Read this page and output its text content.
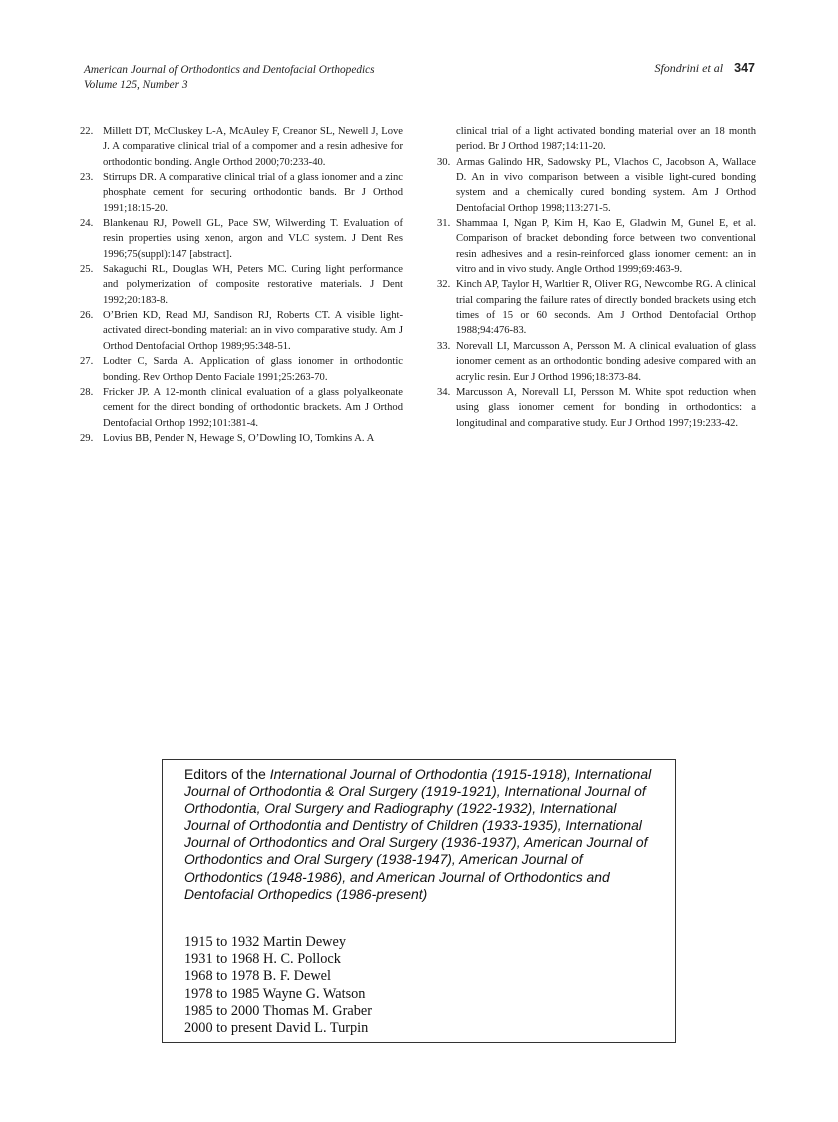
American Journal of Orthodontics and Dentofacial Orthopedics
Volume 125, Number 3
Sfondrini et al 347
22. Millett DT, McCluskey L-A, McAuley F, Creanor SL, Newell J, Love J. A comparative clinical trial of a compomer and a resin adhesive for orthodontic bonding. Angle Orthod 2000;70:233-40.
23. Stirrups DR. A comparative clinical trial of a glass ionomer and a zinc phosphate cement for securing orthodontic bands. Br J Orthod 1991;18:15-20.
24. Blankenau RJ, Powell GL, Pace SW, Wilwerding T. Evaluation of resin properties using xenon, argon and VLC system. J Dent Res 1996;75(suppl):147 [abstract].
25. Sakaguchi RL, Douglas WH, Peters MC. Curing light performance and polymerization of composite restorative materials. J Dent 1992;20:183-8.
26. O’Brien KD, Read MJ, Sandison RJ, Roberts CT. A visible light-activated direct-bonding material: an in vivo comparative study. Am J Orthod Dentofacial Orthop 1989;95:348-51.
27. Lodter C, Sarda A. Application of glass ionomer in orthodontic bonding. Rev Orthop Dento Faciale 1991;25:263-70.
28. Fricker JP. A 12-month clinical evaluation of a glass polyalkeonate cement for the direct bonding of orthodontic brackets. Am J Orthod Dentofacial Orthop 1992;101:381-4.
29. Lovius BB, Pender N, Hewage S, O’Dowling IO, Tomkins A. A
clinical trial of a light activated bonding material over an 18 month period. Br J Orthod 1987;14:11-20.
30. Armas Galindo HR, Sadowsky PL, Vlachos C, Jacobson A, Wallace D. An in vivo comparison between a visible light-cured bonding system and a chemically cured bonding system. Am J Orthod Dentofacial Orthop 1998;113:271-5.
31. Shammaa I, Ngan P, Kim H, Kao E, Gladwin M, Gunel E, et al. Comparison of bracket debonding force between two conventional resin adhesives and a resin-reinforced glass ionomer cement: an in vitro and in vivo study. Angle Orthod 1999;69:463-9.
32. Kinch AP, Taylor H, Warltier R, Oliver RG, Newcombe RG. A clinical trial comparing the failure rates of directly bonded brackets using etch times of 15 or 60 seconds. Am J Orthod Dentofacial Orthop 1988;94:476-83.
33. Norevall LI, Marcusson A, Persson M. A clinical evaluation of glass ionomer cement as an orthodontic bonding adesive compared with an acrylic resin. Eur J Orthod 1996;18:373-84.
34. Marcusson A, Norevall LI, Persson M. White spot reduction when using glass ionomer cement for bonding in orthodontics: a longitudinal and comparative study. Eur J Orthod 1997;19:233-42.
Editors of the International Journal of Orthodontia (1915-1918), International Journal of Orthodontia & Oral Surgery (1919-1921), International Journal of Orthodontia, Oral Surgery and Radiography (1922-1932), International Journal of Orthodontia and Dentistry of Children (1933-1935), International Journal of Orthodontics and Oral Surgery (1936-1937), American Journal of Orthodontics and Oral Surgery (1938-1947), American Journal of Orthodontics (1948-1986), and American Journal of Orthodontics and Dentofacial Orthopedics (1986-present)
1915 to 1932 Martin Dewey
1931 to 1968 H. C. Pollock
1968 to 1978 B. F. Dewel
1978 to 1985 Wayne G. Watson
1985 to 2000 Thomas M. Graber
2000 to present David L. Turpin
